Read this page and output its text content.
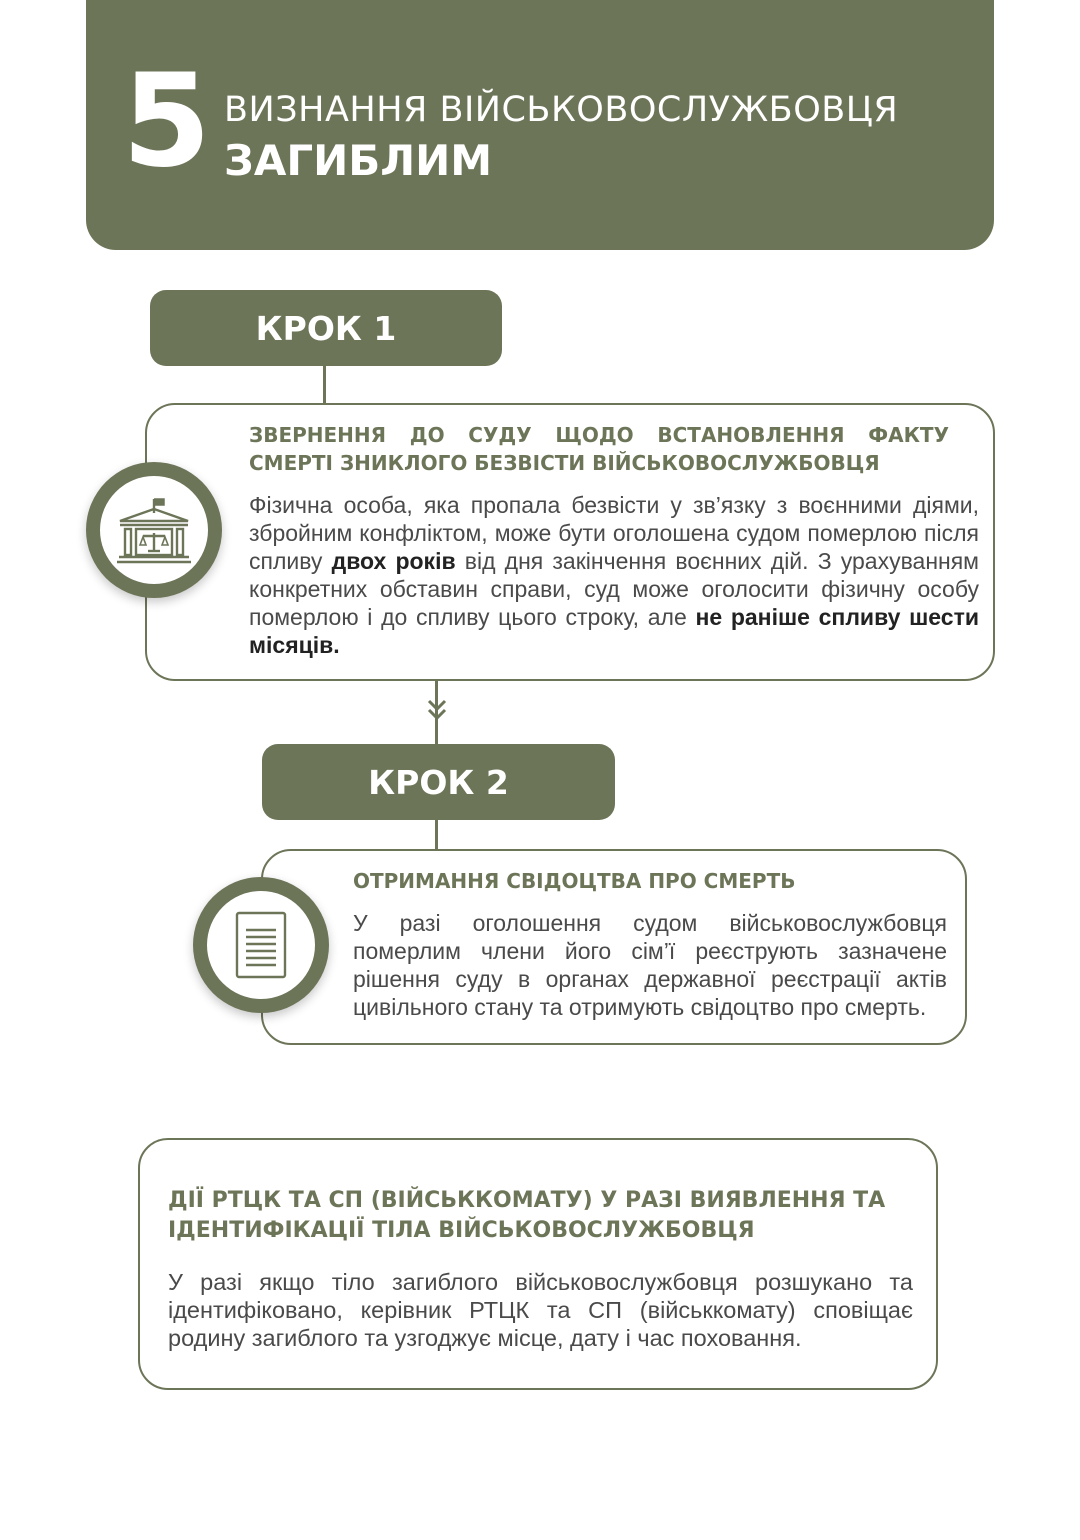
5 ВИЗНАННЯ ВІЙСЬКОВОСЛУЖБОВЦЯ
ЗАГИБЛИМ
КРОК 1
ЗВЕРНЕННЯ ДО СУДУ ЩОДО ВСТАНОВЛЕННЯ ФАКТУ СМЕРТІ ЗНИКЛОГО БЕЗВІСТИ ВІЙСЬКОВОСЛУЖБОВЦЯ
Фізична особа, яка пропала безвісти у зв’язку з воєнними діями, збройним конфліктом, може бути оголошена судом померлою після спливу двох років від дня закінчення воєнних дій. З урахуванням конкретних обставин справи, суд може оголосити фізичну особу померлою і до спливу цього строку, але не раніше спливу шести місяців.
КРОК 2
ОТРИМАННЯ СВІДОЦТВА ПРО СМЕРТЬ
У разі оголошення судом військовослужбовця померлим члени його сім’ї реєструють зазначене рішення суду в органах державної реєстрації актів цивільного стану та отримують свідоцтво про смерть.
ДІЇ РТЦК ТА СП (ВІЙСЬККОМАТУ) У РАЗІ ВИЯВЛЕННЯ ТА ІДЕНТИФІКАЦІЇ ТІЛА ВІЙСЬКОВОСЛУЖБОВЦЯ
У разі якщо тіло загиблого військовослужбовця розшукано та ідентифіковано, керівник РТЦК та СП (військкомату) сповіщає родину загиблого та узгоджує місце, дату і час поховання.
